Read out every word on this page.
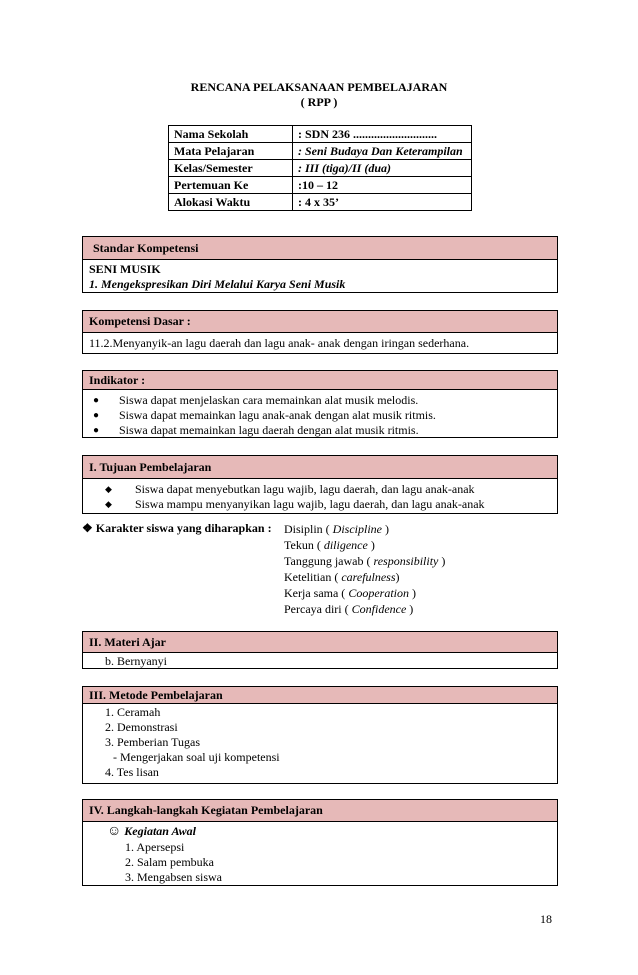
RENCANA PELAKSANAAN PEMBELAJARAN
( RPP )
Nama Sekolah	: SDN 236 ............................
Mata Pelajaran	: Seni Budaya Dan Keterampilan
Kelas/Semester	: III (tiga)/II (dua)
Pertemuan Ke	:10 – 12
Alokasi Waktu	: 4 x 35’
Standar Kompetensi
SENI MUSIK
1. Mengekspresikan Diri Melalui Karya Seni Musik
Kompetensi Dasar :
11.2.Menyanyik-an lagu daerah dan lagu anak- anak dengan iringan sederhana.
Indikator :
●	Siswa dapat menjelaskan cara memainkan alat musik melodis.
●	Siswa dapat memainkan lagu anak-anak dengan alat musik ritmis.
●	Siswa dapat memainkan lagu daerah dengan alat musik ritmis.
I. Tujuan Pembelajaran
◆	Siswa dapat menyebutkan lagu wajib, lagu daerah, dan lagu anak-anak
◆	Siswa mampu menyanyikan lagu wajib, lagu daerah, dan lagu anak-anak
❖ Karakter siswa yang diharapkan : Disiplin ( Discipline )
Tekun ( diligence )
Tanggung jawab ( responsibility )
Ketelitian ( carefulness)
Kerja sama ( Cooperation )
Percaya diri ( Confidence )
II. Materi Ajar
b. Bernyanyi
III. Metode Pembelajaran
1. Ceramah
2. Demonstrasi
3. Pemberian Tugas
- Mengerjakan soal uji kompetensi
4. Tes lisan
IV. Langkah-langkah Kegiatan Pembelajaran
☺ Kegiatan Awal
1. Apersepsi
2. Salam pembuka
3. Mengabsen siswa
18
